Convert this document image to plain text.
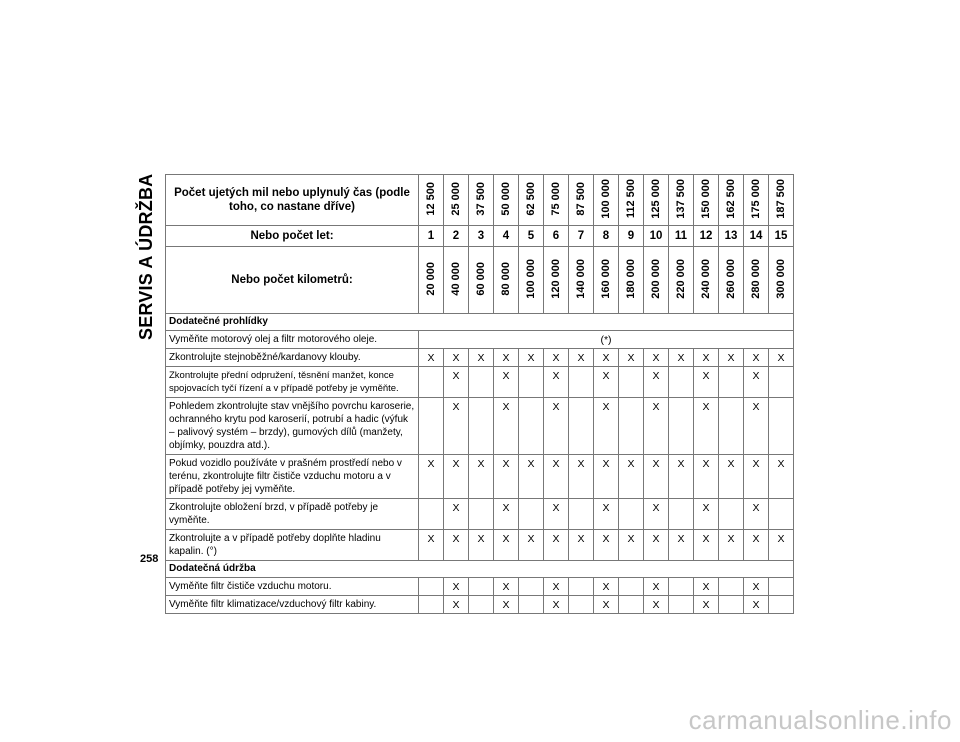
SERVIS A ÚDRŽBA
258
carmanualsonline.info
Počet ujetých mil nebo uplynulý čas (podle toho, co nastane dříve)	12 500	25 000	37 500	50 000	62 500	75 000	87 500	100 000	112 500	125 000	137 500	150 000	162 500	175 000	187 500
Nebo počet let:	1	2	3	4	5	6	7	8	9	10	11	12	13	14	15
Nebo počet kilometrů:	20 000	40 000	60 000	80 000	100 000	120 000	140 000	160 000	180 000	200 000	220 000	240 000	260 000	280 000	300 000
Dodatečné prohlídky															
Vyměňte motorový olej a filtr motorového oleje.	(*)														
Zkontrolujte stejnoběžné/kardanovy klouby.	X	X	X	X	X	X	X	X	X	X	X	X	X	X	X
Zkontrolujte přední odpružení, těsnění manžet, konce spojovacích tyčí řízení a v případě potřeby je vyměňte.		X		X		X		X		X		X		X	
Pohledem zkontrolujte stav vnějšího povrchu karoserie, ochranného krytu pod karoserií, potrubí a hadic (výfuk – palivový systém – brzdy), gumových dílů (manžety, objímky, pouzdra atd.).		X		X		X		X		X		X		X	
Pokud vozidlo používáte v prašném prostředí nebo v terénu, zkontrolujte filtr čističe vzduchu motoru a v případě potřeby jej vyměňte.	X	X	X	X	X	X	X	X	X	X	X	X	X	X	X
Zkontrolujte obložení brzd, v případě potřeby je vyměňte.		X		X		X		X		X		X		X	
Zkontrolujte a v případě potřeby doplňte hladinu kapalin. (°)	X	X	X	X	X	X	X	X	X	X	X	X	X	X	X
Dodatečná údržba															
Vyměňte filtr čističe vzduchu motoru.		X		X		X		X		X		X		X	
Vyměňte filtr klimatizace/vzduchový filtr kabiny.		X		X		X		X		X		X		X	
